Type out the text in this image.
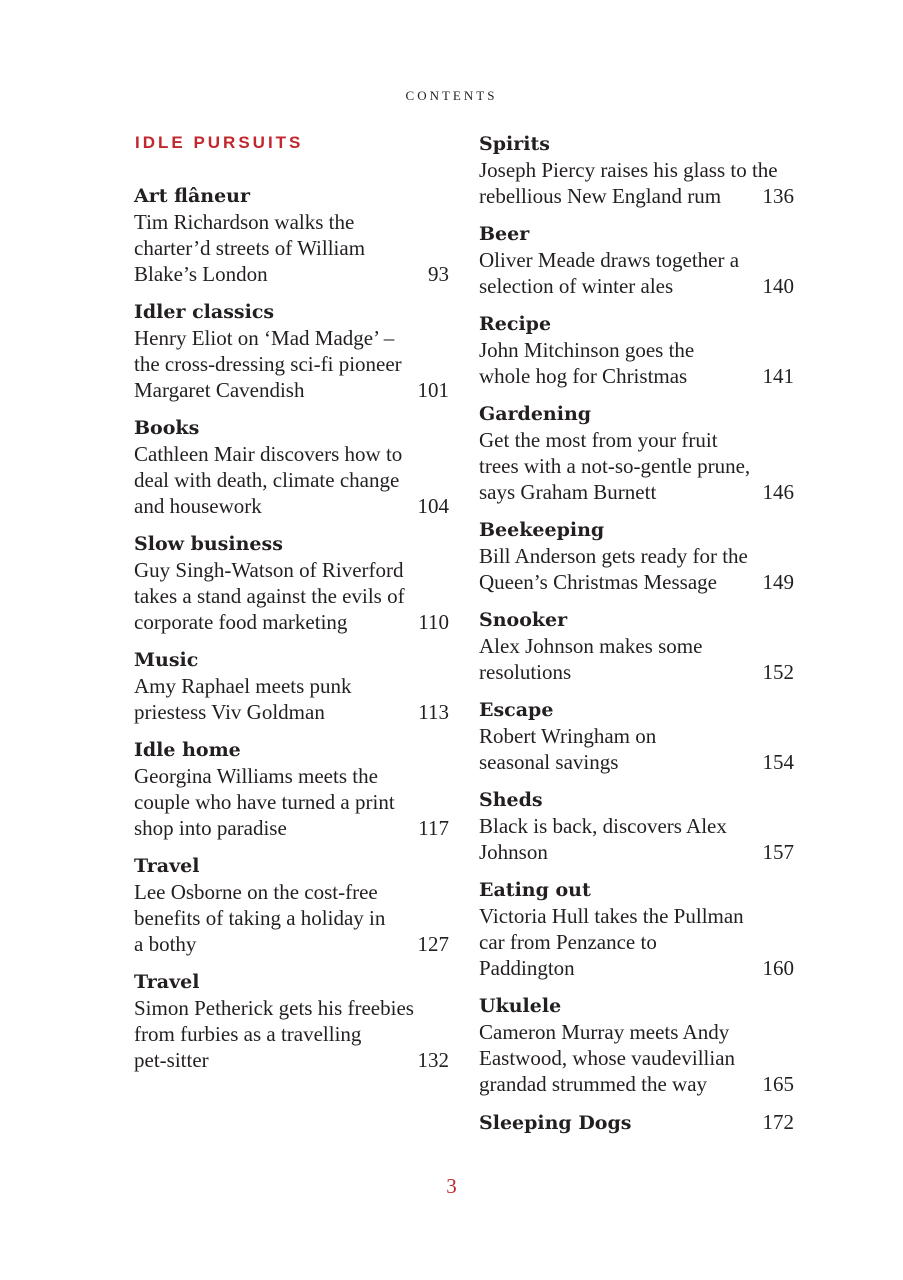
CONTENTS
IDLE PURSUITS
Art flâneur
Tim Richardson walks the
charter’d streets of William
Blake’s London	93
Idler classics
Henry Eliot on ‘Mad Madge’ –
the cross-dressing sci-fi pioneer
Margaret Cavendish	101
Books
Cathleen Mair discovers how to
deal with death, climate change
and housework	104
Slow business
Guy Singh-Watson of Riverford
takes a stand against the evils of
corporate food marketing	110
Music
Amy Raphael meets punk
priestess Viv Goldman	113
Idle home
Georgina Williams meets the
couple who have turned a print
shop into paradise	117
Travel
Lee Osborne on the cost-free
benefits of taking a holiday in
a bothy	127
Travel
Simon Petherick gets his freebies
from furbies as a travelling
pet-sitter	132
Spirits
Joseph Piercy raises his glass to the
rebellious New England rum 136
Beer
Oliver Meade draws together a
selection of winter ales	140
Recipe
John Mitchinson goes the
whole hog for Christmas	141
Gardening
Get the most from your fruit
trees with a not-so-gentle prune,
says Graham Burnett	146
Beekeeping
Bill Anderson gets ready for the
Queen’s Christmas Message 149
Snooker
Alex Johnson makes some
resolutions	152
Escape
Robert Wringham on
seasonal savings	154
Sheds
Black is back, discovers Alex
Johnson	157
Eating out
Victoria Hull takes the Pullman
car from Penzance to
Paddington	160
Ukulele
Cameron Murray meets Andy
Eastwood, whose vaudevillian
grandad strummed the way	165
Sleeping Dogs	172
3
